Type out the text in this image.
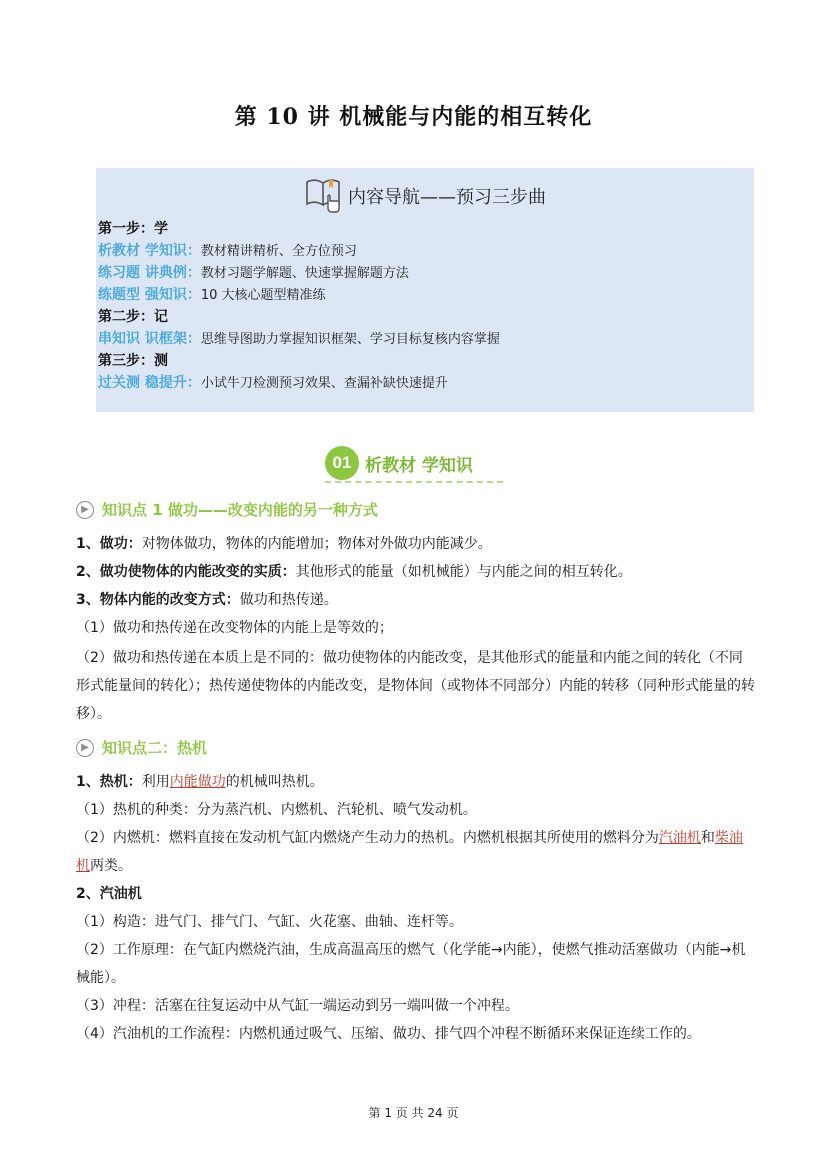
第 10 讲 机械能与内能的相互转化
内容导航——预习三步曲
第一步：学
析教材 学知识：教材精讲精析、全方位预习
练习题 讲典例：教材习题学解题、快速掌握解题方法
练题型 强知识：10 大核心题型精准练
第二步：记
串知识 识框架：思维导图助力掌握知识框架、学习目标复核内容掌握
第三步：测
过关测 稳提升：小试牛刀检测预习效果、查漏补缺快速提升
01 析教材 学知识
▶ 知识点 1 做功——改变内能的另一种方式
1、做功：对物体做功，物体的内能增加；物体对外做功内能减少。
2、做功使物体的内能改变的实质：其他形式的能量（如机械能）与内能之间的相互转化。
3、物体内能的改变方式：做功和热传递。
（1）做功和热传递在改变物体的内能上是等效的；
（2）做功和热传递在本质上是不同的：做功使物体的内能改变，是其他形式的能量和内能之间的转化（不同形式能量间的转化）；热传递使物体的内能改变，是物体间（或物体不同部分）内能的转移（同种形式能量的转移）。
▶ 知识点二：热机
1、热机：利用内能做功的机械叫热机。
（1）热机的种类：分为蒸汽机、内燃机、汽轮机、喷气发动机。
（2）内燃机：燃料直接在发动机气缸内燃烧产生动力的热机。内燃机根据其所使用的燃料分为汽油机和柴油机两类。
2、汽油机
（1）构造：进气门、排气门、气缸、火花塞、曲轴、连杆等。
（2）工作原理：在气缸内燃烧汽油，生成高温高压的燃气（化学能→内能），使燃气推动活塞做功（内能→机械能）。
（3）冲程：活塞在往复运动中从气缸一端运动到另一端叫做一个冲程。
（4）汽油机的工作流程：内燃机通过吸气、压缩、做功、排气四个冲程不断循环来保证连续工作的。
第 1 页 共 24 页
